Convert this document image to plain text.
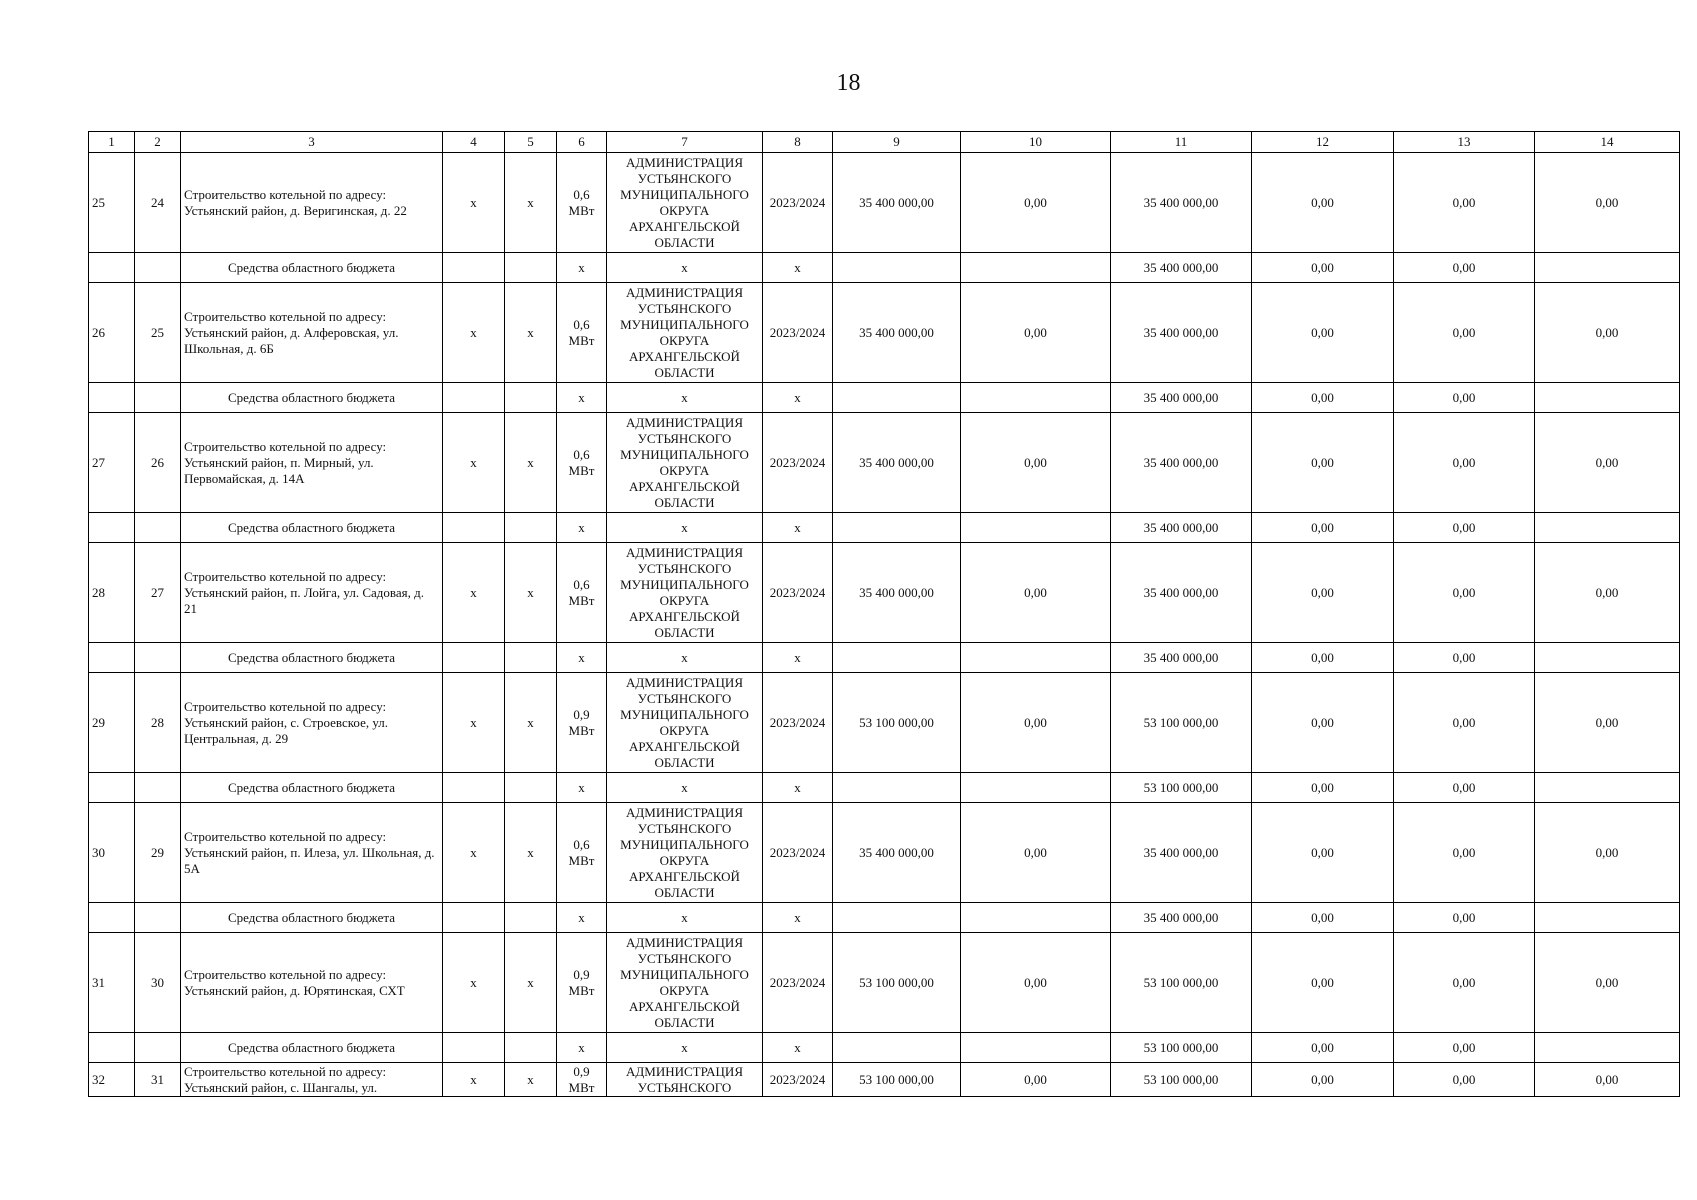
18
1	2	3	4	5	6	7	8	9	10	11	12	13	14
25	24	Строительство котельной по адресу: Устьянский район, д. Веригинская, д. 22	х	х	0,6 МВт	АДМИНИСТРАЦИЯ УСТЬЯНСКОГО МУНИЦИПАЛЬНОГО ОКРУГА АРХАНГЕЛЬСКОЙ ОБЛАСТИ	2023/2024	35 400 000,00	0,00	35 400 000,00	0,00	0,00	0,00
		Средства областного бюджета			х	х	х			35 400 000,00	0,00	0,00	
26	25	Строительство котельной по адресу: Устьянский район, д. Алферовская, ул. Школьная, д. 6Б	х	х	0,6 МВт	АДМИНИСТРАЦИЯ УСТЬЯНСКОГО МУНИЦИПАЛЬНОГО ОКРУГА АРХАНГЕЛЬСКОЙ ОБЛАСТИ	2023/2024	35 400 000,00	0,00	35 400 000,00	0,00	0,00	0,00
		Средства областного бюджета			х	х	х			35 400 000,00	0,00	0,00	
27	26	Строительство котельной по адресу: Устьянский район, п. Мирный, ул. Первомайская, д. 14А	х	х	0,6 МВт	АДМИНИСТРАЦИЯ УСТЬЯНСКОГО МУНИЦИПАЛЬНОГО ОКРУГА АРХАНГЕЛЬСКОЙ ОБЛАСТИ	2023/2024	35 400 000,00	0,00	35 400 000,00	0,00	0,00	0,00
		Средства областного бюджета			х	х	х			35 400 000,00	0,00	0,00	
28	27	Строительство котельной по адресу: Устьянский район, п. Лойга, ул. Садовая, д. 21	х	х	0,6 МВт	АДМИНИСТРАЦИЯ УСТЬЯНСКОГО МУНИЦИПАЛЬНОГО ОКРУГА АРХАНГЕЛЬСКОЙ ОБЛАСТИ	2023/2024	35 400 000,00	0,00	35 400 000,00	0,00	0,00	0,00
		Средства областного бюджета			х	х	х			35 400 000,00	0,00	0,00	
29	28	Строительство котельной по адресу: Устьянский район, с. Строевское, ул. Центральная, д. 29	х	х	0,9 МВт	АДМИНИСТРАЦИЯ УСТЬЯНСКОГО МУНИЦИПАЛЬНОГО ОКРУГА АРХАНГЕЛЬСКОЙ ОБЛАСТИ	2023/2024	53 100 000,00	0,00	53 100 000,00	0,00	0,00	0,00
		Средства областного бюджета			х	х	х			53 100 000,00	0,00	0,00	
30	29	Строительство котельной по адресу: Устьянский район, п. Илеза, ул. Школьная, д. 5А	х	х	0,6 МВт	АДМИНИСТРАЦИЯ УСТЬЯНСКОГО МУНИЦИПАЛЬНОГО ОКРУГА АРХАНГЕЛЬСКОЙ ОБЛАСТИ	2023/2024	35 400 000,00	0,00	35 400 000,00	0,00	0,00	0,00
		Средства областного бюджета			х	х	х			35 400 000,00	0,00	0,00	
31	30	Строительство котельной по адресу: Устьянский район, д. Юрятинская, СХТ	х	х	0,9 МВт	АДМИНИСТРАЦИЯ УСТЬЯНСКОГО МУНИЦИПАЛЬНОГО ОКРУГА АРХАНГЕЛЬСКОЙ ОБЛАСТИ	2023/2024	53 100 000,00	0,00	53 100 000,00	0,00	0,00	0,00
		Средства областного бюджета			х	х	х			53 100 000,00	0,00	0,00	
32	31	Строительство котельной по адресу: Устьянский район, с. Шангалы, ул.	х	х	0,9 МВт	АДМИНИСТРАЦИЯ УСТЬЯНСКОГО	2023/2024	53 100 000,00	0,00	53 100 000,00	0,00	0,00	0,00
